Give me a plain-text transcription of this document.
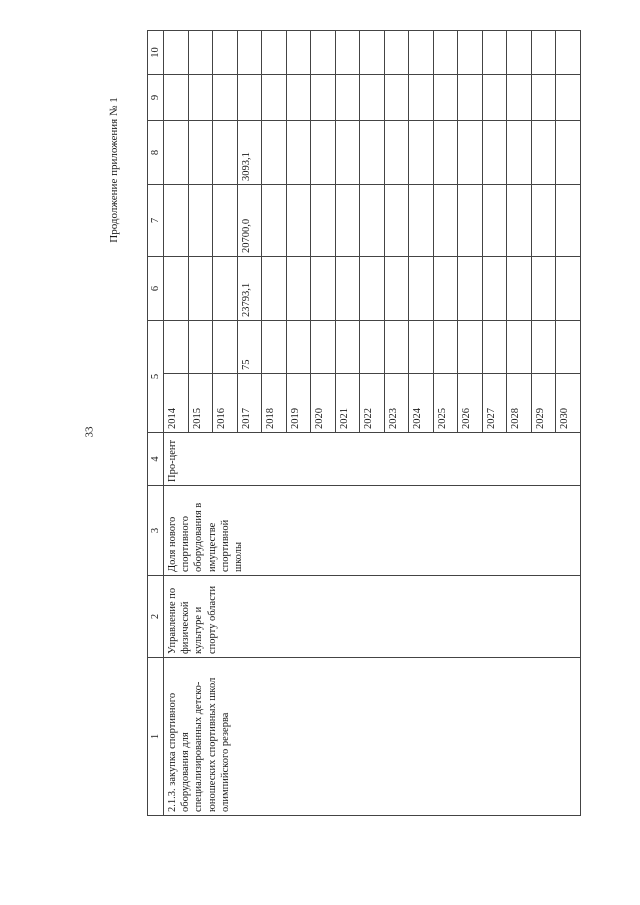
33
Продолжение приложения № 1
1	2	3	4	5		6	7	8	9	10
2.1.3. закупка спортивного оборудования для специализированных детско-юношеских спортивных школ олимпийского резерва	Управление по физической культуре и спорту области	Доля нового спортивного оборудования в имуществе спортивной школы	Про-цент	2014						
				2015						
				2016						
				2017	75	23793,1	20700,0	3093,1		
				2018						
				2019						
				2020						
				2021						
				2022						
				2023						
				2024						
				2025						
				2026						
				2027						
				2028						
				2029						
				2030						
